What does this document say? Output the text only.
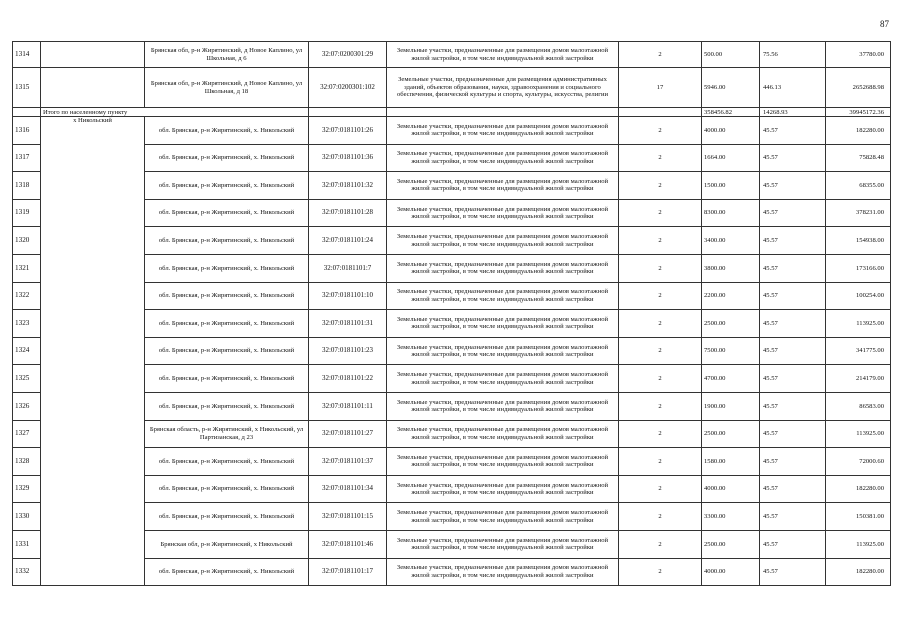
87
1314		Брянская обл, р-н Жирятинский, д Новое Каплино, ул Школьная, д 6	32:07:0200301:29	Земельные участки, предназначенные для размещения домов малоэтажной жилой застройки, в том числе индивидуальной жилой застройки	2	500.00	75.56	37780.00
1315		Брянская обл, р-н Жирятинский, д Новое Каплино, ул Школьная, д 18	32:07:0200301:102	Земельные участки, предназначенные для размещения административных зданий, объектов образования, науки, здравоохранения и социального обеспечения, физической культуры и спорта, культуры, искусства, религии	17	5946.00	446.13	2652688.98
	Итого по населенному пункту					358456.82	14268.93	39945172.36
1316	х Никольский	обл. Брянская, р-н Жирятинский, х. Никольский	32:07:0181101:26	Земельные участки, предназначенные для размещения домов малоэтажной жилой застройки, в том числе индивидуальной жилой застройки	2	4000.00	45.57	182280.00
1317		обл. Брянская, р-н Жирятинский, х. Никольский	32:07:0181101:36	Земельные участки, предназначенные для размещения домов малоэтажной жилой застройки, в том числе индивидуальной жилой застройки	2	1664.00	45.57	75828.48
1318		обл. Брянская, р-н Жирятинский, х. Никольский	32:07:0181101:32	Земельные участки, предназначенные для размещения домов малоэтажной жилой застройки, в том числе индивидуальной жилой застройки	2	1500.00	45.57	68355.00
1319		обл. Брянская, р-н Жирятинский, х. Никольский	32:07:0181101:28	Земельные участки, предназначенные для размещения домов малоэтажной жилой застройки, в том числе индивидуальной жилой застройки	2	8300.00	45.57	378231.00
1320		обл. Брянская, р-н Жирятинский, х. Никольский	32:07:0181101:24	Земельные участки, предназначенные для размещения домов малоэтажной жилой застройки, в том числе индивидуальной жилой застройки	2	3400.00	45.57	154938.00
1321		обл. Брянская, р-н Жирятинский, х. Никольский	32:07:0181101:7	Земельные участки, предназначенные для размещения домов малоэтажной жилой застройки, в том числе индивидуальной жилой застройки	2	3800.00	45.57	173166.00
1322		обл. Брянская, р-н Жирятинский, х. Никольский	32:07:0181101:10	Земельные участки, предназначенные для размещения домов малоэтажной жилой застройки, в том числе индивидуальной жилой застройки	2	2200.00	45.57	100254.00
1323		обл. Брянская, р-н Жирятинский, х. Никольский	32:07:0181101:31	Земельные участки, предназначенные для размещения домов малоэтажной жилой застройки, в том числе индивидуальной жилой застройки	2	2500.00	45.57	113925.00
1324		обл. Брянская, р-н Жирятинский, х. Никольский	32:07:0181101:23	Земельные участки, предназначенные для размещения домов малоэтажной жилой застройки, в том числе индивидуальной жилой застройки	2	7500.00	45.57	341775.00
1325		обл. Брянская, р-н Жирятинский, х. Никольский	32:07:0181101:22	Земельные участки, предназначенные для размещения домов малоэтажной жилой застройки, в том числе индивидуальной жилой застройки	2	4700.00	45.57	214179.00
1326		обл. Брянская, р-н Жирятинский, х. Никольский	32:07:0181101:11	Земельные участки, предназначенные для размещения домов малоэтажной жилой застройки, в том числе индивидуальной жилой застройки	2	1900.00	45.57	86583.00
1327		Брянская область, р-н Жирятинский, х Никольский, ул Партизанская, д 23	32:07:0181101:27	Земельные участки, предназначенные для размещения домов малоэтажной жилой застройки, в том числе индивидуальной жилой застройки	2	2500.00	45.57	113925.00
1328		обл. Брянская, р-н Жирятинский, х. Никольский	32:07:0181101:37	Земельные участки, предназначенные для размещения домов малоэтажной жилой застройки, в том числе индивидуальной жилой застройки	2	1580.00	45.57	72000.60
1329		обл. Брянская, р-н Жирятинский, х. Никольский	32:07:0181101:34	Земельные участки, предназначенные для размещения домов малоэтажной жилой застройки, в том числе индивидуальной жилой застройки	2	4000.00	45.57	182280.00
1330		обл. Брянская, р-н Жирятинский, х. Никольский	32:07:0181101:15	Земельные участки, предназначенные для размещения домов малоэтажной жилой застройки, в том числе индивидуальной жилой застройки	2	3300.00	45.57	150381.00
1331		Брянская обл, р-н Жирятинский, х Никольский	32:07:0181101:46	Земельные участки, предназначенные для размещения домов малоэтажной жилой застройки, в том числе индивидуальной жилой застройки	2	2500.00	45.57	113925.00
1332		обл. Брянская, р-н Жирятинский, х. Никольский	32:07:0181101:17	Земельные участки, предназначенные для размещения домов малоэтажной жилой застройки, в том числе индивидуальной жилой застройки	2	4000.00	45.57	182280.00
